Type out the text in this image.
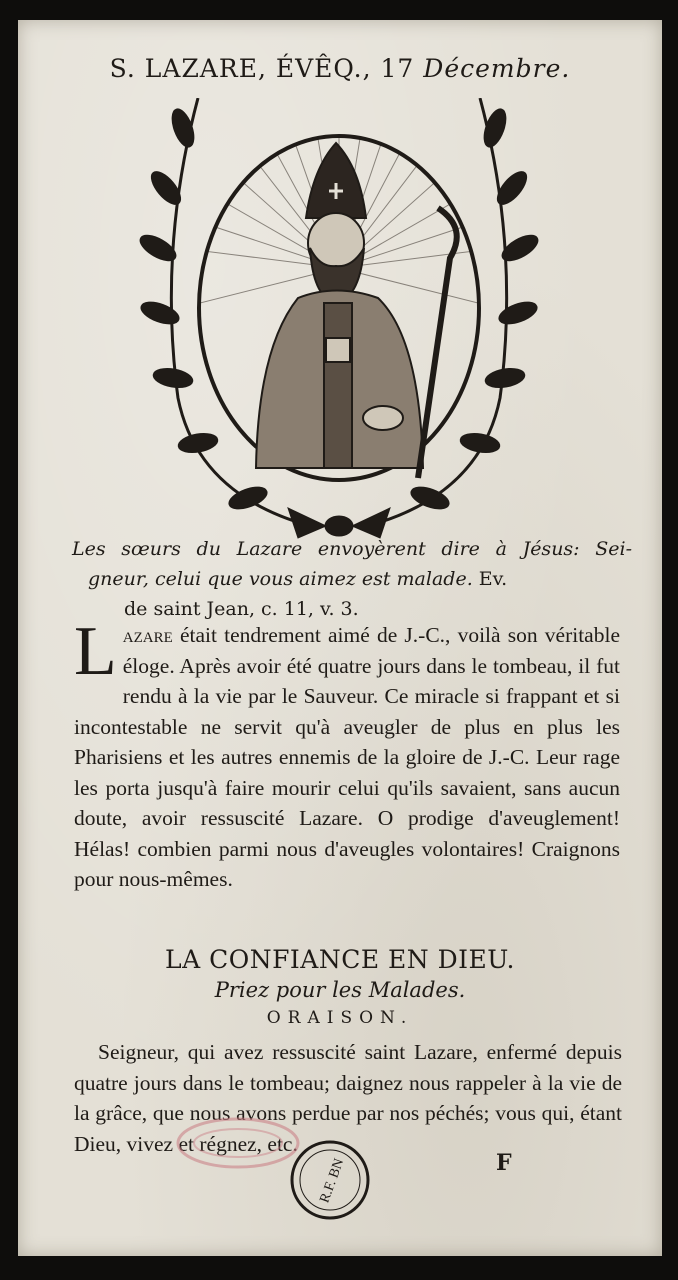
S. LAZARE, ÉVÊQ., 17 Décembre.
Les sœurs du Lazare envoyèrent dire à Jésus: Sei-
gneur, celui que vous aimez est malade. Ev.
de saint Jean, c. 11, v. 3.
Lazare était tendrement aimé de J.-C., voilà son véritable éloge. Après avoir été quatre jours dans le tombeau, il fut rendu à la vie par le Sauveur. Ce miracle si frappant et si incontestable ne servit qu'à aveugler de plus en plus les Pharisiens et les autres ennemis de la gloire de J.-C. Leur rage les porta jusqu'à faire mourir celui qu'ils savaient, sans aucun doute, avoir ressuscité Lazare. O prodige d'aveuglement! Hélas! combien parmi nous d'aveugles volontaires! Craignons pour nous-mêmes.
LA CONFIANCE EN DIEU.
Priez pour les Malades.
ORAISON.
Seigneur, qui avez ressuscité saint Lazare, enfermé depuis quatre jours dans le tombeau; daignez nous rappeler à la vie de la grâce, que nous avons perdue par nos péchés; vous qui, étant Dieu, vivez et régnez, etc.
R.F. BN	F
